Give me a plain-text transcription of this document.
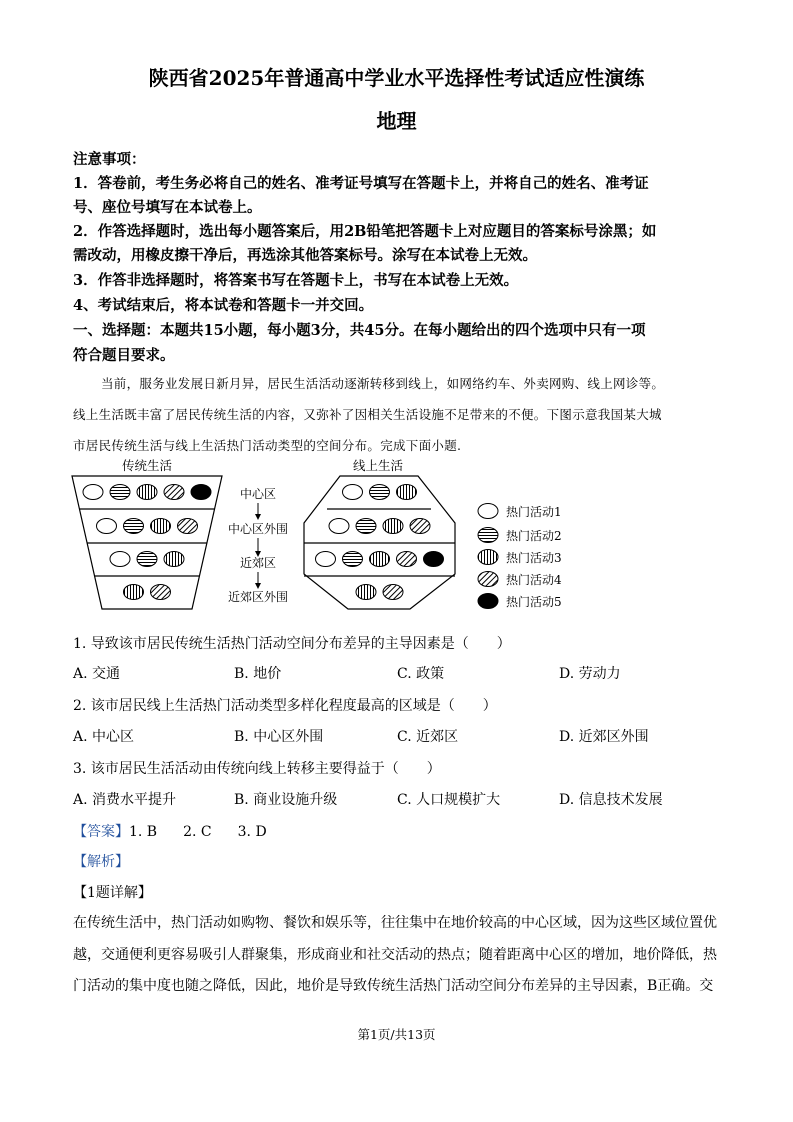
陕西省2025年普通高中学业水平选择性考试适应性演练
地理
注意事项：
1．答卷前，考生务必将自己的姓名、准考证号填写在答题卡上，并将自己的姓名、准考证
号、座位号填写在本试卷上。
2．作答选择题时，选出每小题答案后，用2B铅笔把答题卡上对应题目的答案标号涂黑；如
需改动，用橡皮擦干净后，再选涂其他答案标号。涂写在本试卷上无效。
3．作答非选择题时，将答案书写在答题卡上，书写在本试卷上无效。
4、考试结束后，将本试卷和答题卡一并交回。
一、选择题：本题共15小题，每小题3分，共45分。在每小题给出的四个选项中只有一项
符合题目要求。
当前，服务业发展日新月异，居民生活活动逐渐转移到线上，如网络约车、外卖网购、线上网诊等。
线上生活既丰富了居民传统生活的内容，又弥补了因相关生活设施不足带来的不便。下图示意我国某大城
市居民传统生活与线上生活热门活动类型的空间分布。完成下面小题.
传统生活	线上生活
中心区
中心区外围
近郊区
近郊区外围
热门活动1
热门活动2
热门活动3
热门活动4
热门活动5
1. 导致该市居民传统生活热门活动空间分布差异的主导因素是（　　）
A. 交通	B. 地价	C. 政策	D. 劳动力
2. 该市居民线上生活热门活动类型多样化程度最高的区域是（　　）
A. 中心区	B. 中心区外围	C. 近郊区	D. 近郊区外围
3. 该市居民生活活动由传统向线上转移主要得益于（　　）
A. 消费水平提升	B. 商业设施升级	C. 人口规模扩大	D. 信息技术发展
【答案】1. B 2. C 3. D
【解析】
【1题详解】
在传统生活中，热门活动如购物、餐饮和娱乐等，往往集中在地价较高的中心区域，因为这些区域位置优
越，交通便利更容易吸引人群聚集，形成商业和社交活动的热点；随着距离中心区的增加，地价降低，热
门活动的集中度也随之降低，因此，地价是导致传统生活热门活动空间分布差异的主导因素，B正确。交
第1页/共13页
